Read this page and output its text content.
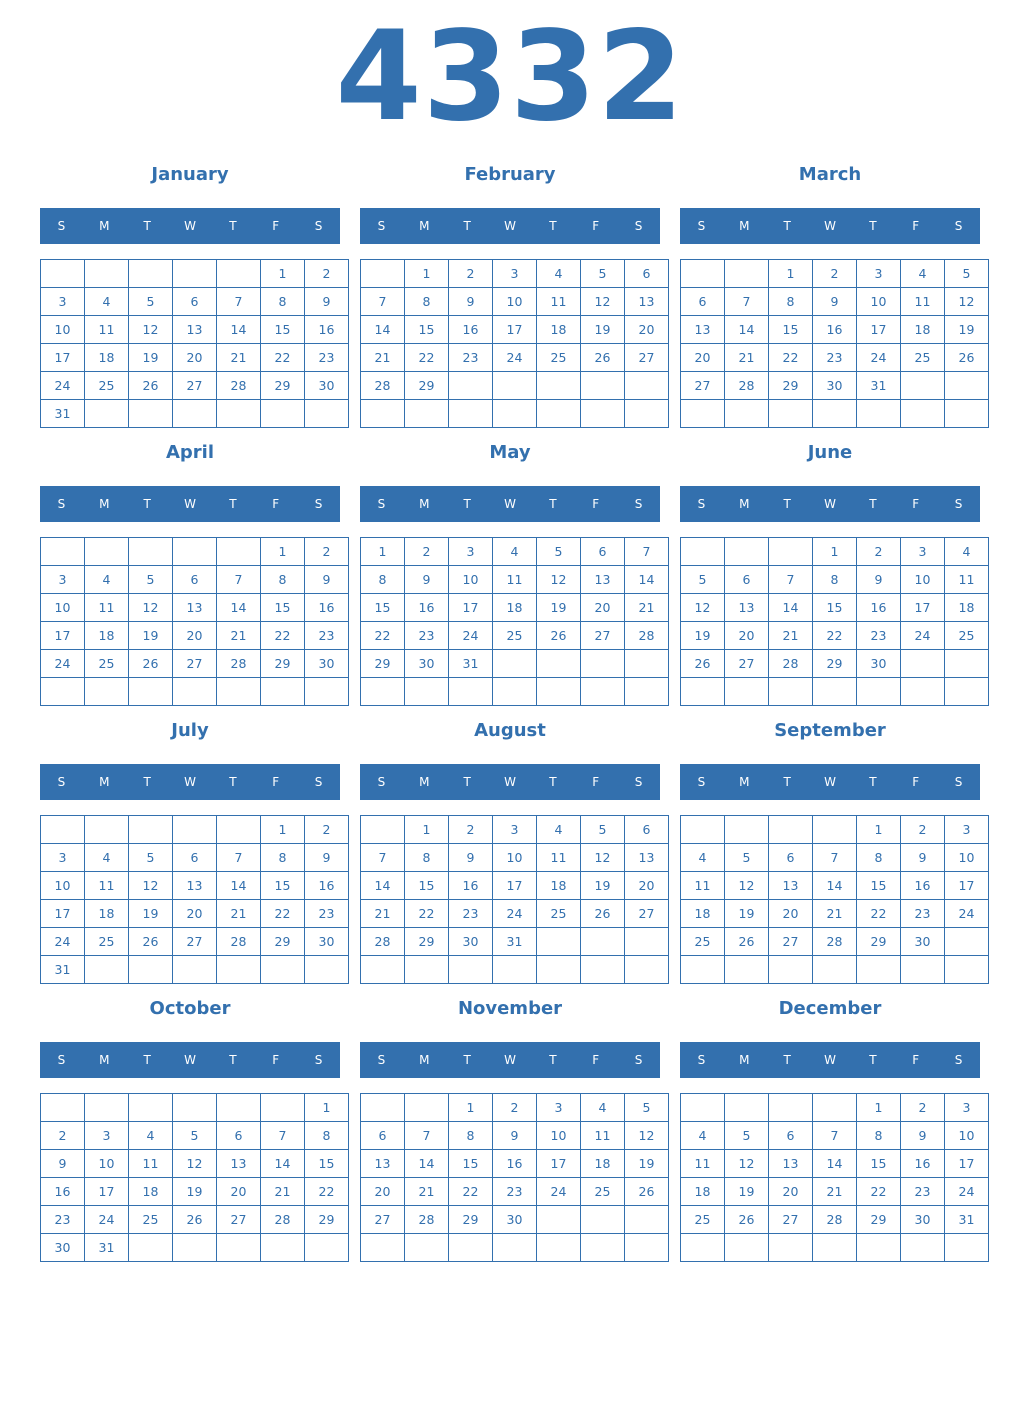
4332
January
S	M	T	W	T	F	S
					1	2
3	4	5	6	7	8	9
10	11	12	13	14	15	16
17	18	19	20	21	22	23
24	25	26	27	28	29	30
31						
February
S	M	T	W	T	F	S
	1	2	3	4	5	6
7	8	9	10	11	12	13
14	15	16	17	18	19	20
21	22	23	24	25	26	27
28	29					

March
S	M	T	W	T	F	S
		1	2	3	4	5
6	7	8	9	10	11	12
13	14	15	16	17	18	19
20	21	22	23	24	25	26
27	28	29	30	31		

April
S	M	T	W	T	F	S
					1	2
3	4	5	6	7	8	9
10	11	12	13	14	15	16
17	18	19	20	21	22	23
24	25	26	27	28	29	30

May
S	M	T	W	T	F	S
1	2	3	4	5	6	7
8	9	10	11	12	13	14
15	16	17	18	19	20	21
22	23	24	25	26	27	28
29	30	31				

June
S	M	T	W	T	F	S
			1	2	3	4
5	6	7	8	9	10	11
12	13	14	15	16	17	18
19	20	21	22	23	24	25
26	27	28	29	30		

July
S	M	T	W	T	F	S
					1	2
3	4	5	6	7	8	9
10	11	12	13	14	15	16
17	18	19	20	21	22	23
24	25	26	27	28	29	30
31						
August
S	M	T	W	T	F	S
	1	2	3	4	5	6
7	8	9	10	11	12	13
14	15	16	17	18	19	20
21	22	23	24	25	26	27
28	29	30	31			

September
S	M	T	W	T	F	S
				1	2	3
4	5	6	7	8	9	10
11	12	13	14	15	16	17
18	19	20	21	22	23	24
25	26	27	28	29	30	

October
S	M	T	W	T	F	S
						1
2	3	4	5	6	7	8
9	10	11	12	13	14	15
16	17	18	19	20	21	22
23	24	25	26	27	28	29
30	31					
November
S	M	T	W	T	F	S
		1	2	3	4	5
6	7	8	9	10	11	12
13	14	15	16	17	18	19
20	21	22	23	24	25	26
27	28	29	30			

December
S	M	T	W	T	F	S
				1	2	3
4	5	6	7	8	9	10
11	12	13	14	15	16	17
18	19	20	21	22	23	24
25	26	27	28	29	30	31
